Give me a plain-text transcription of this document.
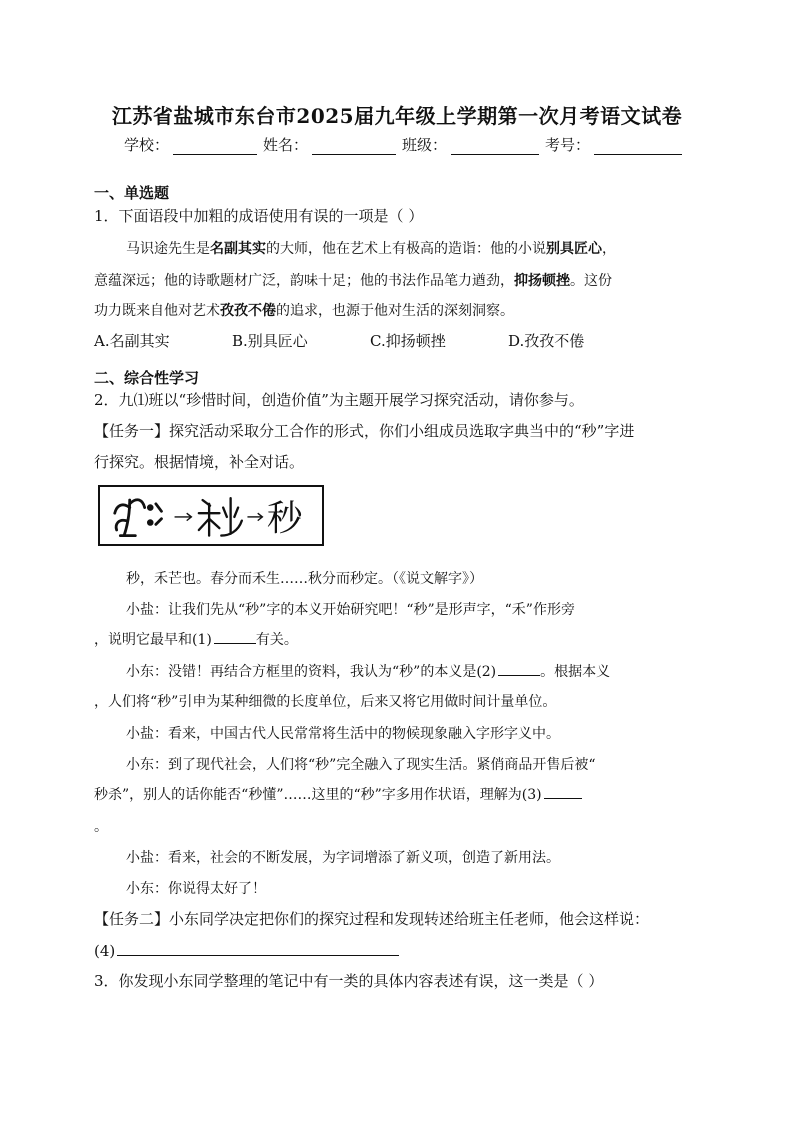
江苏省盐城市东台市2025届九年级上学期第一次月考语文试卷
学校：	姓名：	班级：	考号：
一、单选题
1．下面语段中加粗的成语使用有误的一项是（ ）
马识途先生是名副其实的大师，他在艺术上有极高的造诣：他的小说别具匠心，
意蕴深远；他的诗歌题材广泛，韵味十足；他的书法作品笔力遒劲，抑扬顿挫。这份
功力既来自他对艺术孜孜不倦的追求，也源于他对生活的深刻洞察。
A.名副其实	B.别具匠心	C.抑扬顿挫	D.孜孜不倦
二、综合性学习
2．九⑴班以“珍惜时间，创造价值”为主题开展学习探究活动，请你参与。
【任务一】探究活动采取分工合作的形式，你们小组成员选取字典当中的“秒”字进
行探究。根据情境，补全对话。
秒
秒，禾芒也。春分而禾生……秋分而秒定。（《说文解字》）
小盐：让我们先从“秒”字的本义开始研究吧！“秒”是形声字，“禾”作形旁
，说明它最早和(1)	有关。
小东：没错！再结合方框里的资料，我认为“秒”的本义是(2)	。根据本义
，人们将“秒”引申为某种细微的长度单位，后来又将它用做时间计量单位。
小盐：看来，中国古代人民常常将生活中的物候现象融入字形字义中。
小东：到了现代社会，人们将“秒”完全融入了现实生活。紧俏商品开售后被“
秒杀”，别人的话你能否“秒懂”……这里的“秒”字多用作状语，理解为(3)
。
小盐：看来，社会的不断发展，为字词增添了新义项，创造了新用法。
小东：你说得太好了！
【任务二】小东同学决定把你们的探究过程和发现转述给班主任老师，他会这样说：
(4)
3．你发现小东同学整理的笔记中有一类的具体内容表述有误，这一类是（ ）
